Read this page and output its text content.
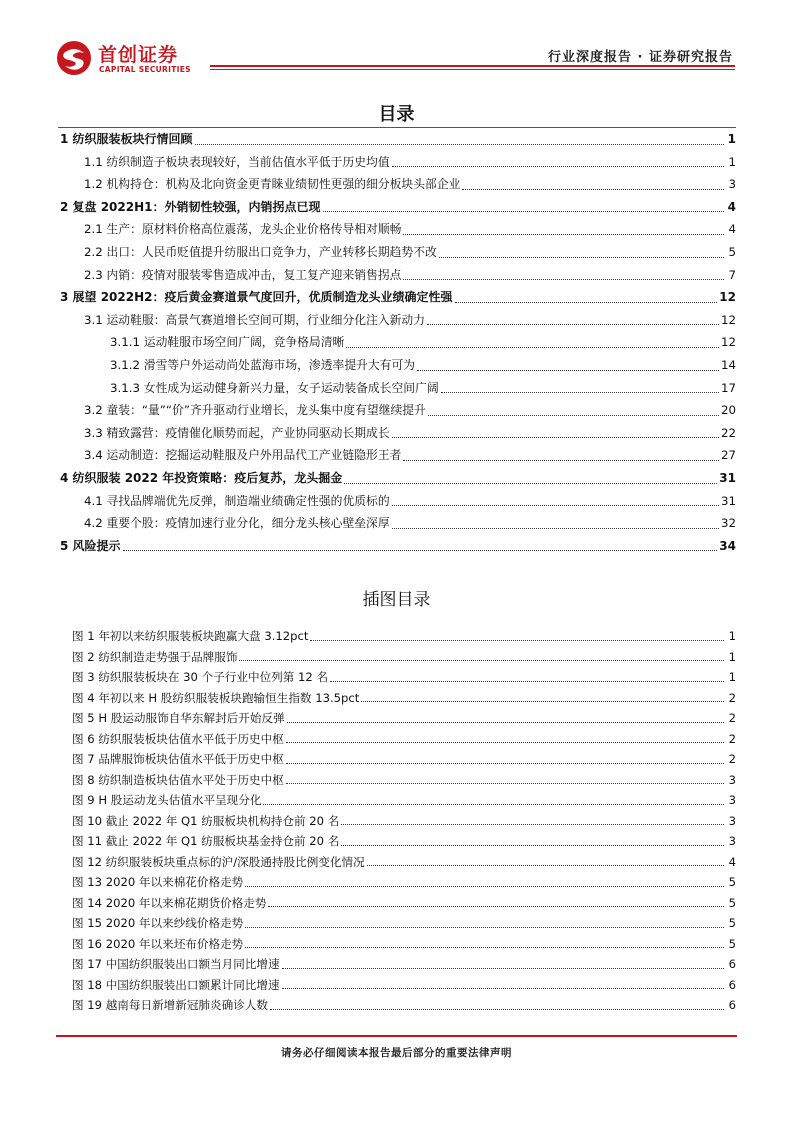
首创证券
CAPITAL SECURITIES
行业深度报告 · 证券研究报告
目录
1 纺织服装板块行情回顾	1
1.1 纺织制造子板块表现较好，当前估值水平低于历史均值	1
1.2 机构持仓：机构及北向资金更青睐业绩韧性更强的细分板块头部企业	3
2 复盘 2022H1：外销韧性较强，内销拐点已现	4
2.1 生产：原材料价格高位震荡，龙头企业价格传导相对顺畅	4
2.2 出口：人民币贬值提升纺服出口竞争力，产业转移长期趋势不改	5
2.3 内销：疫情对服装零售造成冲击，复工复产迎来销售拐点	7
3 展望 2022H2：疫后黄金赛道景气度回升，优质制造龙头业绩确定性强	12
3.1 运动鞋服：高景气赛道增长空间可期，行业细分化注入新动力	12
3.1.1 运动鞋服市场空间广阔，竞争格局清晰	12
3.1.2 滑雪等户外运动尚处蓝海市场，渗透率提升大有可为	14
3.1.3 女性成为运动健身新兴力量，女子运动装备成长空间广阔	17
3.2 童装：“量”“价”齐升驱动行业增长，龙头集中度有望继续提升	20
3.3 精致露营：疫情催化顺势而起，产业协同驱动长期成长	22
3.4 运动制造：挖掘运动鞋服及户外用品代工产业链隐形王者	27
4 纺织服装 2022 年投资策略：疫后复苏，龙头掘金	31
4.1 寻找品牌端优先反弹，制造端业绩确定性强的优质标的	31
4.2 重要个股：疫情加速行业分化，细分龙头核心壁垒深厚	32
5 风险提示	34
插图目录
图 1 年初以来纺织服装板块跑赢大盘 3.12pct	1
图 2 纺织制造走势强于品牌服饰	1
图 3 纺织服装板块在 30 个子行业中位列第 12 名	1
图 4 年初以来 H 股纺织服装板块跑输恒生指数 13.5pct	2
图 5 H 股运动服饰自华东解封后开始反弹	2
图 6 纺织服装板块估值水平低于历史中枢	2
图 7 品牌服饰板块估值水平低于历史中枢	2
图 8 纺织制造板块估值水平处于历史中枢	3
图 9 H 股运动龙头估值水平呈现分化	3
图 10 截止 2022 年 Q1 纺服板块机构持仓前 20 名	3
图 11 截止 2022 年 Q1 纺服板块基金持仓前 20 名	3
图 12 纺织服装板块重点标的沪/深股通持股比例变化情况	4
图 13 2020 年以来棉花价格走势	5
图 14 2020 年以来棉花期货价格走势	5
图 15 2020 年以来纱线价格走势	5
图 16 2020 年以来坯布价格走势	5
图 17 中国纺织服装出口额当月同比增速	6
图 18 中国纺织服装出口额累计同比增速	6
图 19 越南每日新增新冠肺炎确诊人数	6
请务必仔细阅读本报告最后部分的重要法律声明
